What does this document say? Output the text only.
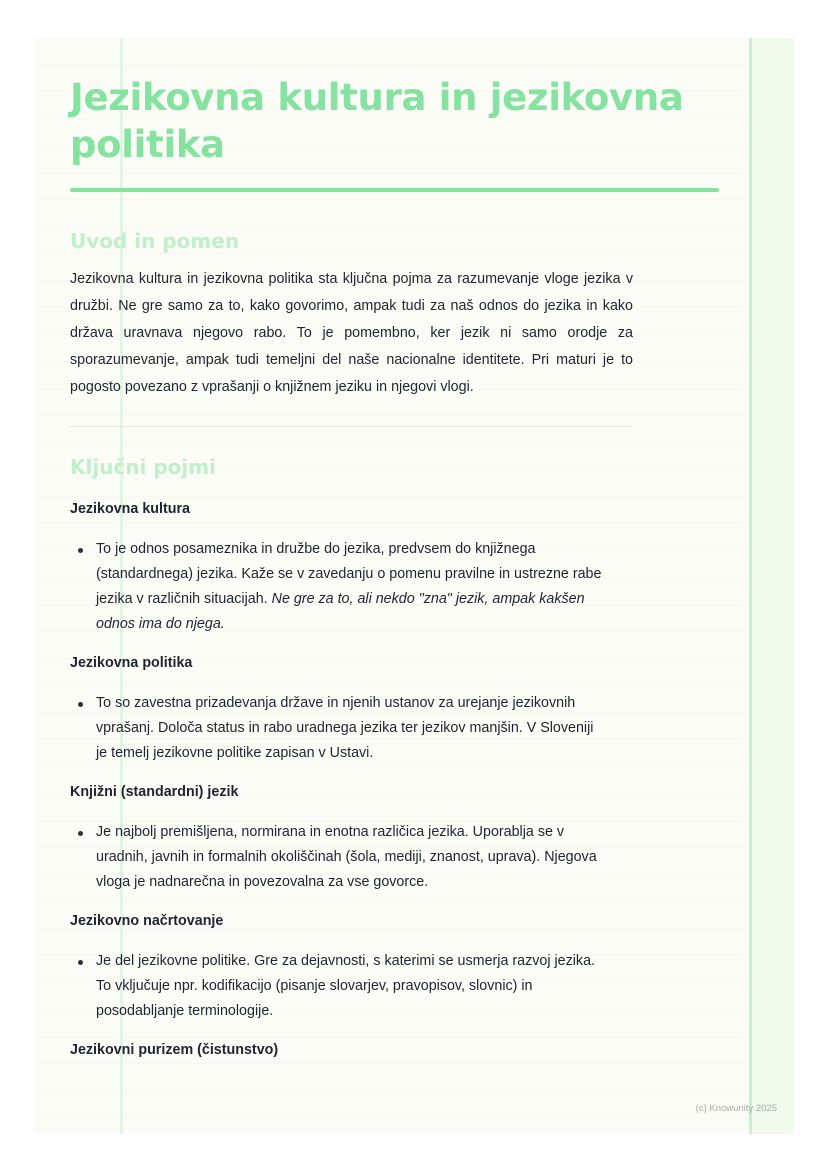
Jezikovna kultura in jezikovna politika
Uvod in pomen

Jezikovna kultura in jezikovna politika sta ključna pojma za razumevanje vloge jezika v družbi. Ne gre samo za to, kako govorimo, ampak tudi za naš odnos do jezika in kako država uravnava njegovo rabo. To je pomembno, ker jezik ni samo orodje za sporazumevanje, ampak tudi temeljni del naše nacionalne identitete. Pri maturi je to pogosto povezano z vprašanji o knjižnem jeziku in njegovi vlogi.

Ključni pojmi

Jezikovna kultura

To je odnos posameznika in družbe do jezika, predvsem do knjižnega (standardnega) jezika. Kaže se v zavedanju o pomenu pravilne in ustrezne rabe jezika v različnih situacijah. Ne gre za to, ali nekdo "zna" jezik, ampak kakšen odnos ima do njega.

Jezikovna politika

To so zavestna prizadevanja države in njenih ustanov za urejanje jezikovnih vprašanj. Določa status in rabo uradnega jezika ter jezikov manjšin. V Sloveniji je temelj jezikovne politike zapisan v Ustavi.

Knjižni (standardni) jezik

Je najbolj premišljena, normirana in enotna različica jezika. Uporablja se v uradnih, javnih in formalnih okoliščinah (šola, mediji, znanost, uprava). Njegova vloga je nadnarečna in povezovalna za vse govorce.

Jezikovno načrtovanje

Je del jezikovne politike. Gre za dejavnosti, s katerimi se usmerja razvoj jezika. To vključuje npr. kodifikacijo (pisanje slovarjev, pravopisov, slovnic) in posodabljanje terminologije.

Jezikovni purizem (čistunstvo)

(c) Knowunity 2025
